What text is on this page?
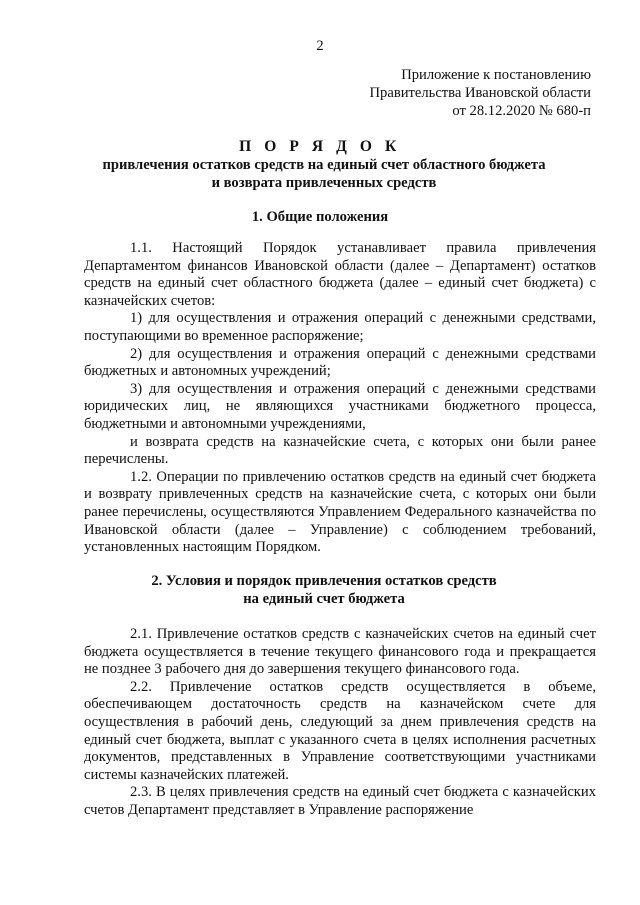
2
Приложение к постановлению
Правительства Ивановской области
от 28.12.2020 № 680-п
П О Р Я Д О К
привлечения остатков средств на единый счет областного бюджета
и возврата привлеченных средств
1. Общие положения

1.1. Настоящий Порядок устанавливает правила привлечения Департаментом финансов Ивановской области (далее – Департамент) остатков средств на единый счет областного бюджета (далее – единый счет бюджета) с казначейских счетов:

1) для осуществления и отражения операций с денежными средствами, поступающими во временное распоряжение;

2) для осуществления и отражения операций с денежными средствами бюджетных и автономных учреждений;

3) для осуществления и отражения операций с денежными средствами юридических лиц, не являющихся участниками бюджетного процесса, бюджетными и автономными учреждениями,

и возврата средств на казначейские счета, с которых они были ранее перечислены.

1.2. Операции по привлечению остатков средств на единый счет бюджета и возврату привлеченных средств на казначейские счета, с которых они были ранее перечислены, осуществляются Управлением Федерального казначейства по Ивановской области (далее – Управление) с соблюдением требований, установленных настоящим Порядком.

2. Условия и порядок привлечения остатков средств
на единый счет бюджета

2.1. Привлечение остатков средств с казначейских счетов на единый счет бюджета осуществляется в течение текущего финансового года и прекращается не позднее 3 рабочего дня до завершения текущего финансового года.

2.2. Привлечение остатков средств осуществляется в объеме, обеспечивающем достаточность средств на казначейском счете для осуществления в рабочий день, следующий за днем привлечения средств на единый счет бюджета, выплат с указанного счета в целях исполнения расчетных документов, представленных в Управление соответствующими участниками системы казначейских платежей.

2.3. В целях привлечения средств на единый счет бюджета с казначейских счетов Департамент представляет в Управление распоряжение
